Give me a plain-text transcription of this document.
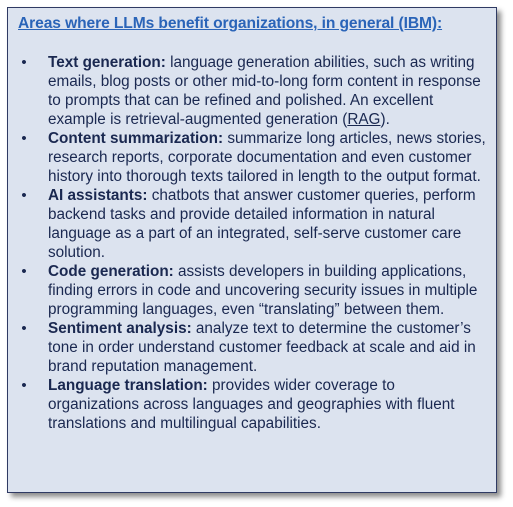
Areas where LLMs benefit organizations, in general (IBM):
• Text generation: language generation abilities, such as writing emails, blog posts or other mid-to-long form content in response to prompts that can be refined and polished. An excellent example is retrieval-augmented generation (RAG).
• Content summarization: summarize long articles, news stories, research reports, corporate documentation and even customer history into thorough texts tailored in length to the output format.
• AI assistants: chatbots that answer customer queries, perform backend tasks and provide detailed information in natural language as a part of an integrated, self-serve customer care solution.
• Code generation: assists developers in building applications, finding errors in code and uncovering security issues in multiple programming languages, even “translating” between them.
• Sentiment analysis: analyze text to determine the customer’s tone in order understand customer feedback at scale and aid in brand reputation management.
• Language translation: provides wider coverage to organizations across languages and geographies with fluent translations and multilingual capabilities.
